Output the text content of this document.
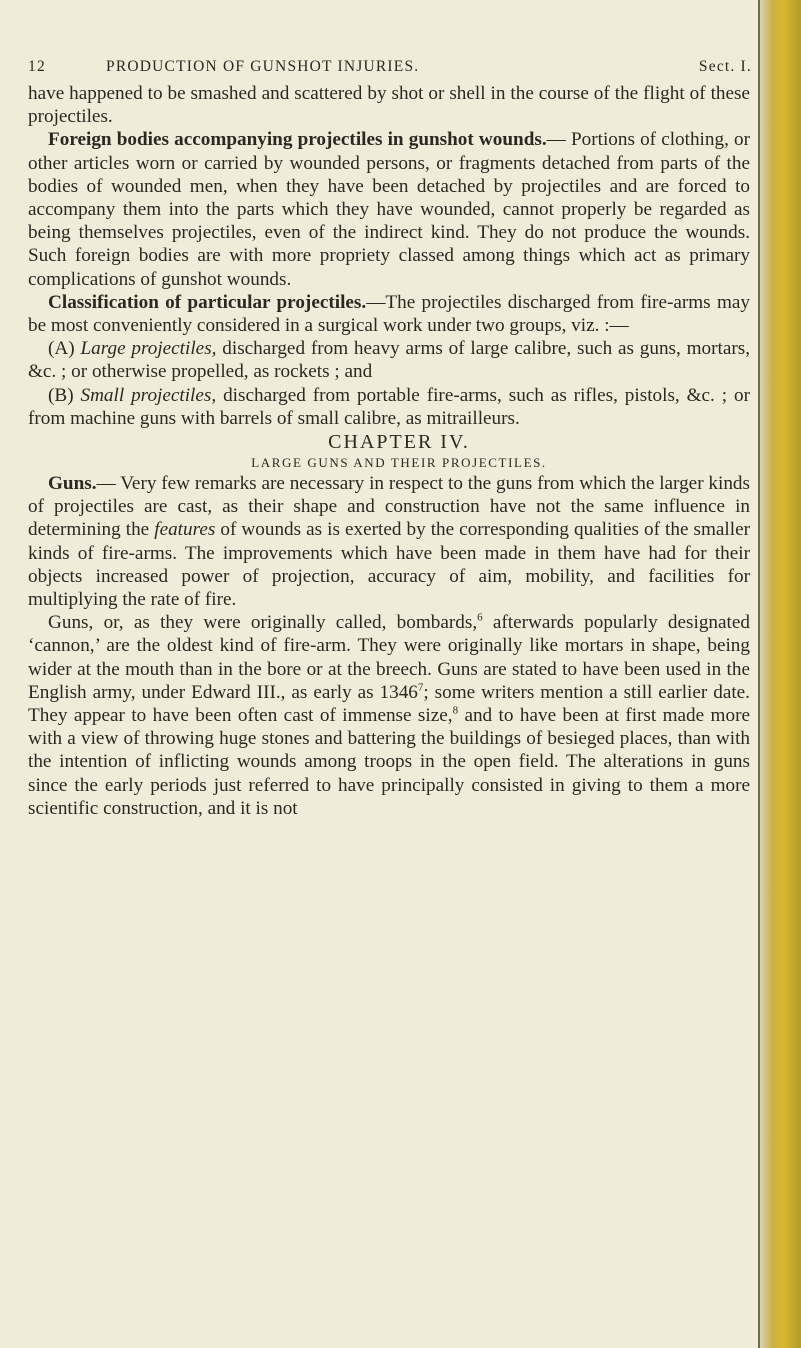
12	PRODUCTION OF GUNSHOT INJURIES.	Sect. I.

have happened to be smashed and scattered by shot or shell in the course of the flight of these projectiles.

Foreign bodies accompanying projectiles in gunshot wounds.— Portions of clothing, or other articles worn or carried by wounded persons, or fragments detached from parts of the bodies of wounded men, when they have been detached by projectiles and are forced to accompany them into the parts which they have wounded, cannot properly be regarded as being themselves projectiles, even of the indirect kind. They do not produce the wounds. Such foreign bodies are with more propriety classed among things which act as primary complications of gunshot wounds.

Classification of particular projectiles.—The projectiles discharged from fire-arms may be most conveniently considered in a surgical work under two groups, viz. :—

(A) Large projectiles, discharged from heavy arms of large calibre, such as guns, mortars, &c. ; or otherwise propelled, as rockets ; and

(B) Small projectiles, discharged from portable fire-arms, such as rifles, pistols, &c. ; or from machine guns with barrels of small calibre, as mitrailleurs.

CHAPTER IV.

LARGE GUNS AND THEIR PROJECTILES.

Guns.— Very few remarks are necessary in respect to the guns from which the larger kinds of projectiles are cast, as their shape and construction have not the same influence in determining the features of wounds as is exerted by the corresponding qualities of the smaller kinds of fire-arms. The improvements which have been made in them have had for their objects increased power of projection, accuracy of aim, mobility, and facilities for multiplying the rate of fire.

Guns, or, as they were originally called, bombards,$^6$ afterwards popularly designated ‘cannon,’ are the oldest kind of fire-arm. They were originally like mortars in shape, being wider at the mouth than in the bore or at the breech. Guns are stated to have been used in the English army, under Edward III., as early as 1346$^7$; some writers mention a still earlier date. They appear to have been often cast of immense size,$^8$ and to have been at first made more with a view of throwing huge stones and battering the buildings of besieged places, than with the intention of inflicting wounds among troops in the open field. The alterations in guns since the early periods just referred to have principally consisted in giving to them a more scientific construction, and it is not
